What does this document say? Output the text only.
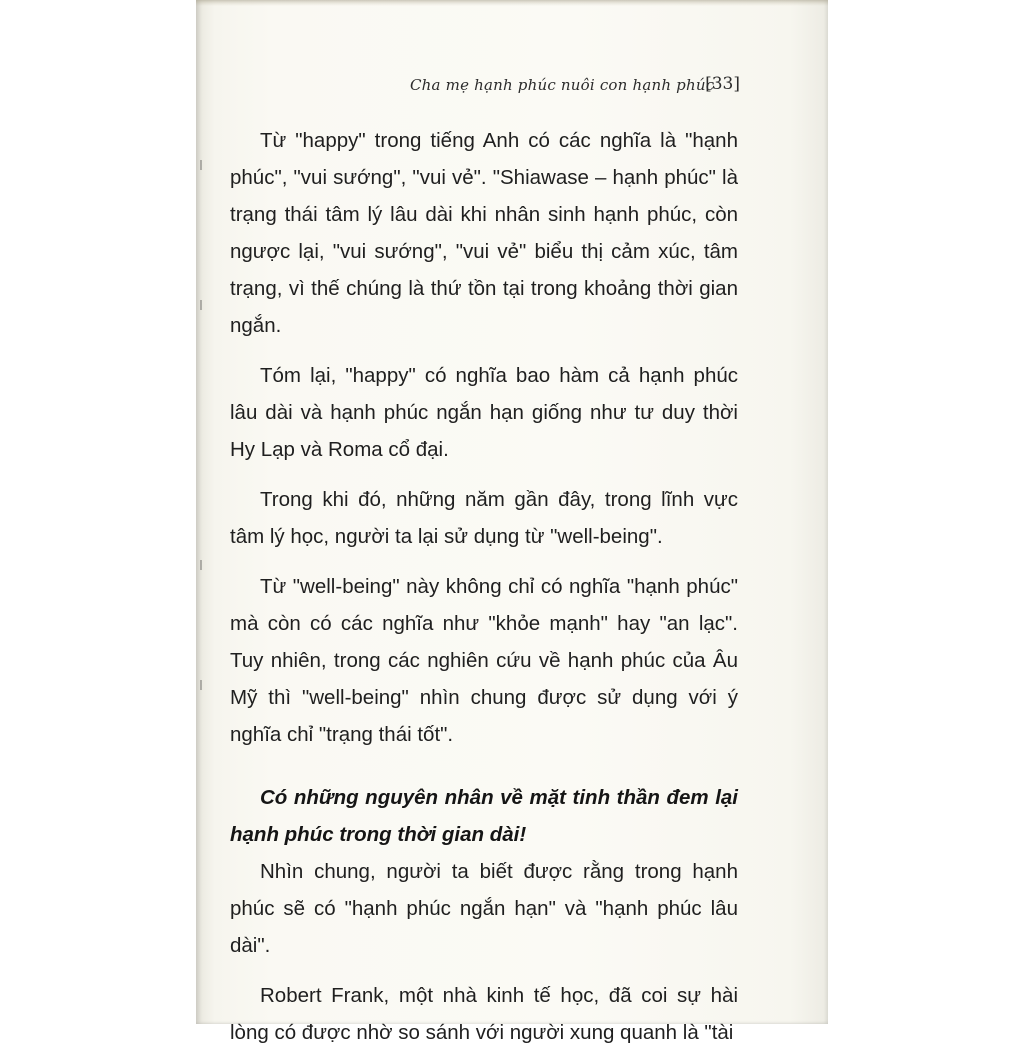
Cha mẹ hạnh phúc nuôi con hạnh phúc
[33]

Từ "happy" trong tiếng Anh có các nghĩa là "hạnh phúc", "vui sướng", "vui vẻ". "Shiawase – hạnh phúc" là trạng thái tâm lý lâu dài khi nhân sinh hạnh phúc, còn ngược lại, "vui sướng", "vui vẻ" biểu thị cảm xúc, tâm trạng, vì thế chúng là thứ tồn tại trong khoảng thời gian ngắn.

Tóm lại, "happy" có nghĩa bao hàm cả hạnh phúc lâu dài và hạnh phúc ngắn hạn giống như tư duy thời Hy Lạp và Roma cổ đại.

Trong khi đó, những năm gần đây, trong lĩnh vực tâm lý học, người ta lại sử dụng từ "well-being".

Từ "well-being" này không chỉ có nghĩa "hạnh phúc" mà còn có các nghĩa như "khỏe mạnh" hay "an lạc". Tuy nhiên, trong các nghiên cứu về hạnh phúc của Âu Mỹ thì "well-being" nhìn chung được sử dụng với ý nghĩa chỉ "trạng thái tốt".

Có những nguyên nhân về mặt tinh thần đem lại hạnh phúc trong thời gian dài!

Nhìn chung, người ta biết được rằng trong hạnh phúc sẽ có "hạnh phúc ngắn hạn" và "hạnh phúc lâu dài".

Robert Frank, một nhà kinh tế học, đã coi sự hài lòng có được nhờ so sánh với người xung quanh là "tài
